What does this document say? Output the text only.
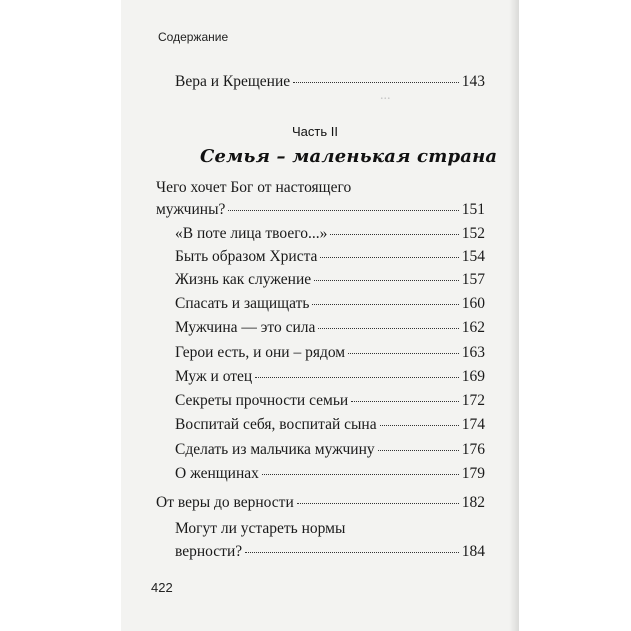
...
Содержание
Вера и Крещение	143
Часть II
Семья – маленькая страна
Чего хочет Бог от настоящего
мужчины?	151
«В поте лица твоего...»	152
Быть образом Христа	154
Жизнь как служение	157
Спасать и защищать	160
Мужчина — это сила	162
Герои есть, и они – рядом	163
Муж и отец	169
Секреты прочности семьи	172
Воспитай себя, воспитай сына	174
Сделать из мальчика мужчину	176
О женщинах	179
От веры до верности	182
Могут ли устареть нормы
верности?	184
422
